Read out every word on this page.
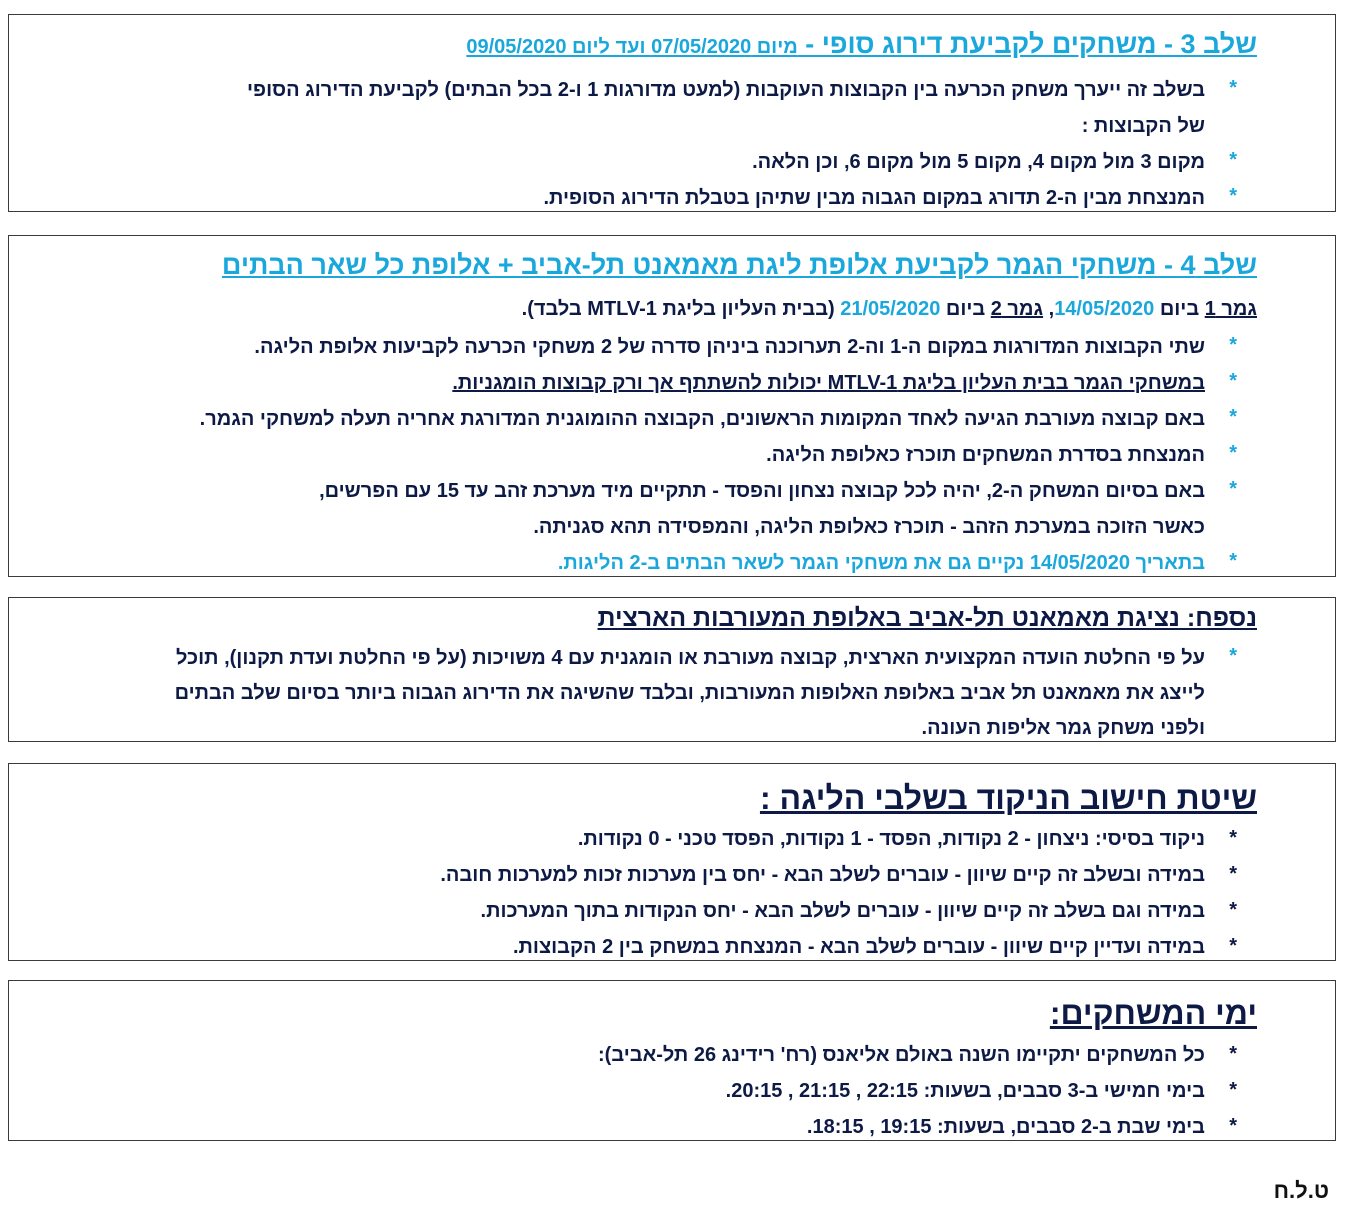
שלב 3 - משחקים לקביעת דירוג סופי - מיום 07/05/2020 ועד ליום 09/05/2020
*
בשלב זה ייערך משחק הכרעה בין הקבוצות העוקבות (למעט מדורגות 1 ו-2 בכל הבתים) לקביעת הדירוג הסופי
של הקבוצות :
*
מקום 3 מול מקום 4, מקום 5 מול מקום 6, וכן הלאה.
*
המנצחת מבין ה-2 תדורג במקום הגבוה מבין שתיהן בטבלת הדירוג הסופית.
שלב 4 - משחקי הגמר לקביעת אלופת ליגת מאמאנט תל-אביב + אלופת כל שאר הבתים
גמר 1 ביום 14/05/2020, גמר 2 ביום 21/05/2020 (בבית העליון בליגת MTLV-1 בלבד).
*
שתי הקבוצות המדורגות במקום ה-1 וה-2 תערוכנה ביניהן סדרה של 2 משחקי הכרעה לקביעות אלופת הליגה.
*
במשחקי הגמר בבית העליון בליגת MTLV-1 יכולות להשתתף אך ורק קבוצות הומגניות.
*
באם קבוצה מעורבת הגיעה לאחד המקומות הראשונים, הקבוצה ההומוגנית המדורגת אחריה תעלה למשחקי הגמר.
*
המנצחת בסדרת המשחקים תוכרז כאלופת הליגה.
*
באם בסיום המשחק ה-2, יהיה לכל קבוצה נצחון והפסד - תתקיים מיד מערכת זהב עד 15 עם הפרשים,
כאשר הזוכה במערכת הזהב - תוכרז כאלופת הליגה, והמפסידה תהא סגניתה.
*
בתאריך 14/05/2020 נקיים גם את משחקי הגמר לשאר הבתים ב-2 הליגות.
נספח: נציגת מאמאנט תל-אביב באלופת המעורבות הארצית
*
על פי החלטת הועדה המקצועית הארצית, קבוצה מעורבת או הומגנית עם 4 משויכות (על פי החלטת ועדת תקנון), תוכל
לייצג את מאמאנט תל אביב באלופת האלופות המעורבות, ובלבד שהשיגה את הדירוג הגבוה ביותר בסיום שלב הבתים
ולפני משחק גמר אליפות העונה.
שיטת חישוב הניקוד בשלבי הליגה :
*
ניקוד בסיסי: ניצחון - 2 נקודות, הפסד - 1 נקודות, הפסד טכני - 0 נקודות.
*
במידה ובשלב זה קיים שיוון - עוברים לשלב הבא - יחס בין מערכות זכות למערכות חובה.
*
במידה וגם בשלב זה קיים שיוון - עוברים לשלב הבא - יחס הנקודות בתוך המערכות.
*
במידה ועדיין קיים שיוון - עוברים לשלב הבא - המנצחת במשחק בין 2 הקבוצות.
ימי המשחקים:
*
כל המשחקים יתקיימו השנה באולם אליאנס (רח' רידינג 26 תל-אביב):
*
בימי חמישי ב-3 סבבים, בשעות: 22:15 , 21:15 , 20:15.
*
בימי שבת ב-2 סבבים, בשעות: 19:15 , 18:15.
ט.ל.ח
